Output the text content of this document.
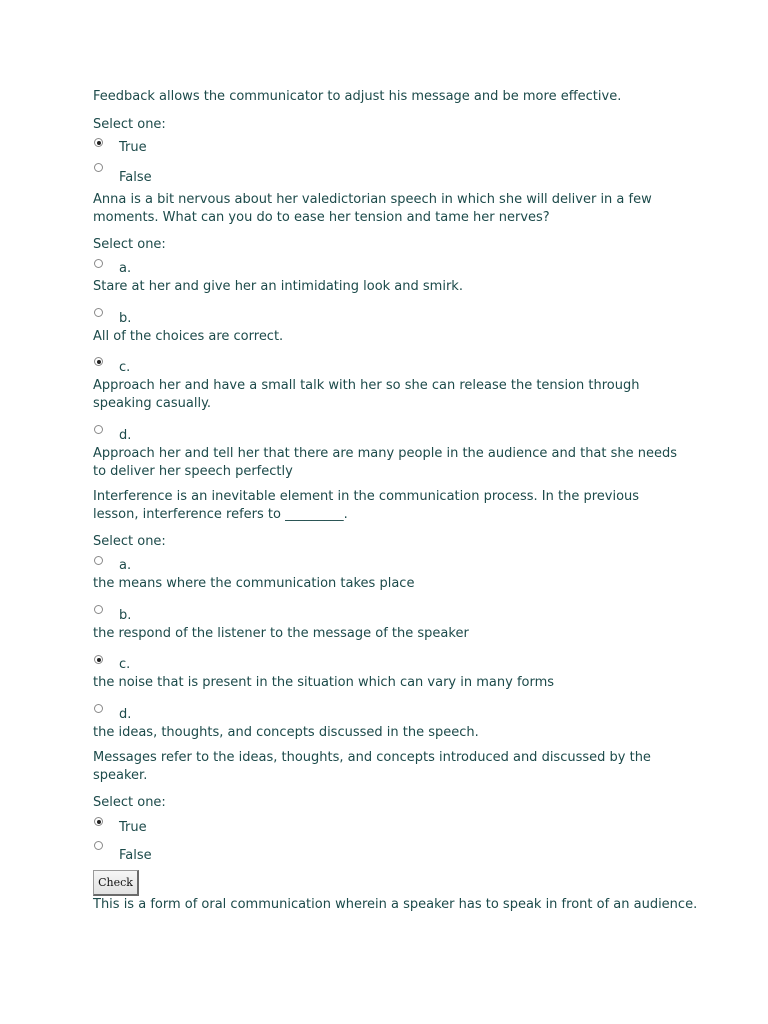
Feedback allows the communicator to adjust his message and be more effective.
Select one:
True
False
Anna is a bit nervous about her valedictorian speech in which she will deliver in a few moments. What can you do to ease her tension and tame her nerves?
Select one:
a.
Stare at her and give her an intimidating look and smirk.
b.
All of the choices are correct.
c.
Approach her and have a small talk with her so she can release the tension through speaking casually.
d.
Approach her and tell her that there are many people in the audience and that she needs to deliver her speech perfectly
Interference is an inevitable element in the communication process. In the previous lesson, interference refers to _________.
Select one:
a.
the means where the communication takes place
b.
the respond of the listener to the message of the speaker
c.
the noise that is present in the situation which can vary in many forms
d.
the ideas, thoughts, and concepts discussed in the speech.
Messages refer to the ideas, thoughts, and concepts introduced and discussed by the speaker.
Select one:
True
False
Check
This is a form of oral communication wherein a speaker has to speak in front of an audience.
